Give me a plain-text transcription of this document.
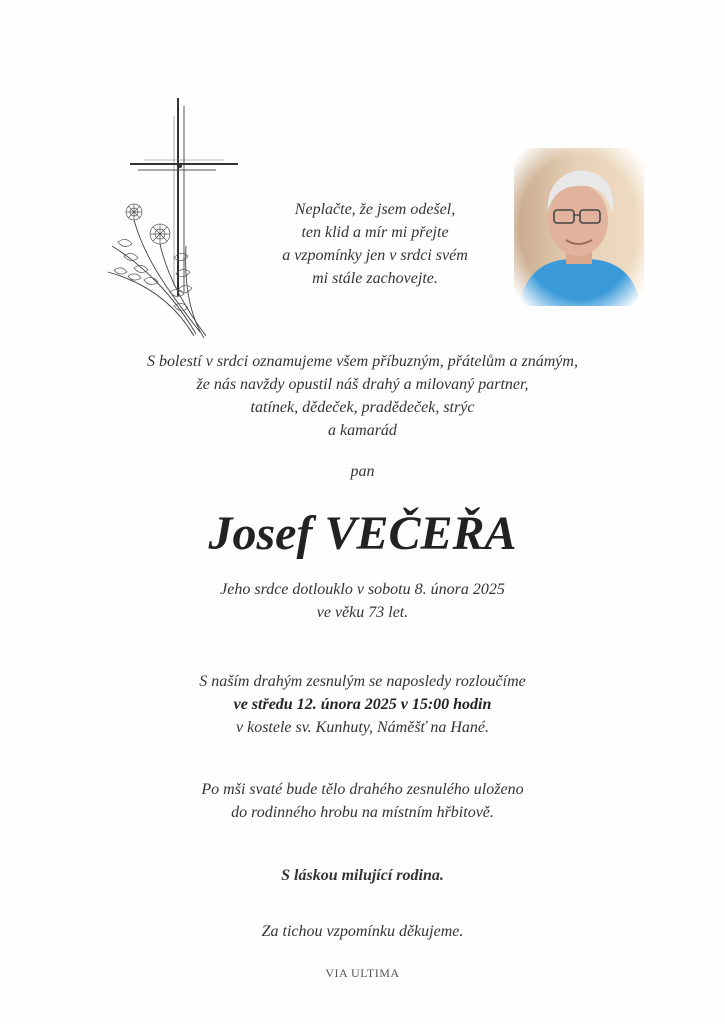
Neplačte, že jsem odešel,
ten klid a mír mi přejte
a vzpomínky jen v srdci svém
mi stále zachovejte.
S bolestí v srdci oznamujeme všem příbuzným, přátelům a známým,
že nás navždy opustil náš drahý a milovaný partner,
tatínek, dědeček, pradědeček, strýc
a kamarád
pan
Josef VEČEŘA
Jeho srdce dotlouklo v sobotu 8. února 2025
ve věku 73 let.
S naším drahým zesnulým se naposledy rozloučíme
ve středu 12. února 2025 v 15:00 hodin
v kostele sv. Kunhuty, Náměšť na Hané.
Po mši svaté bude tělo drahého zesnulého uloženo
do rodinného hrobu na místním hřbitově.
S láskou milující rodina.
Za tichou vzpomínku děkujeme.
VIA ULTIMA
